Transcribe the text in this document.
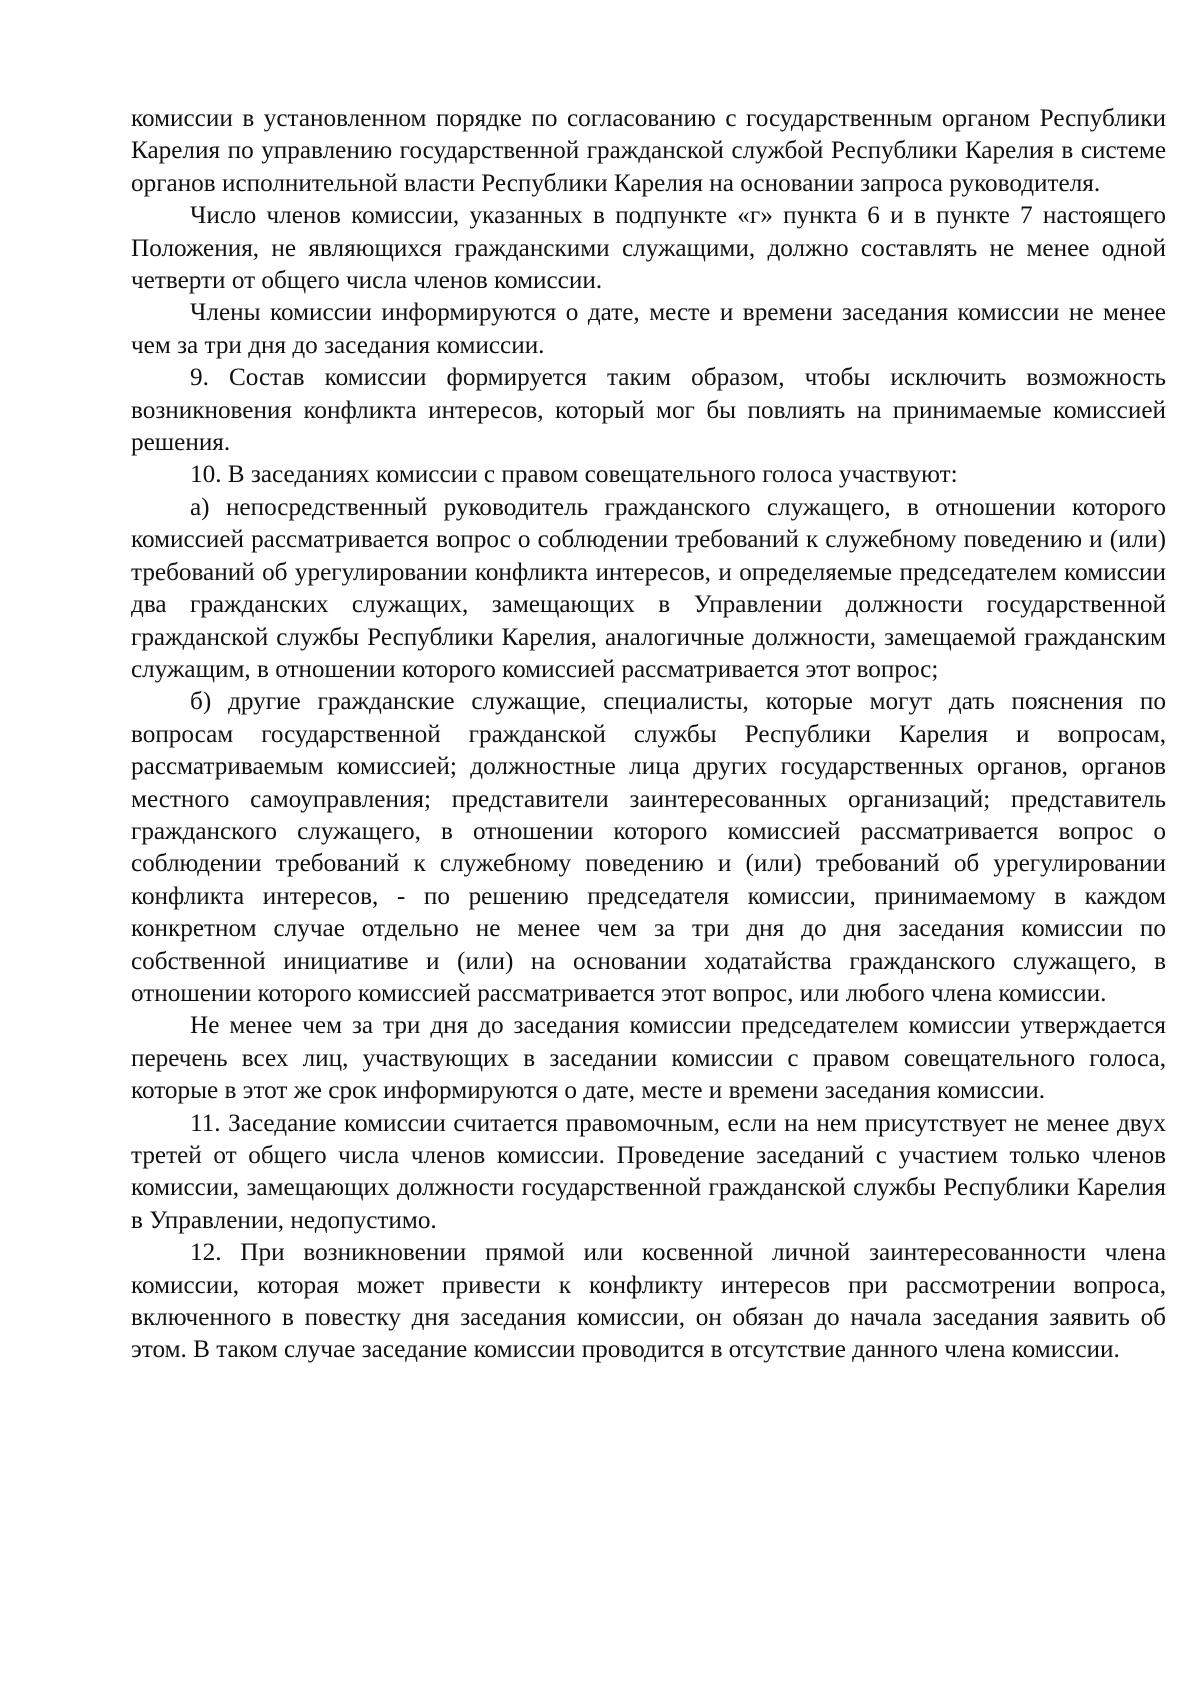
комиссии в установленном порядке по согласованию с государственным органом Республики Карелия по управлению государственной гражданской службой Республики Карелия в системе органов исполнительной власти Республики Карелия на основании запроса руководителя.

Число членов комиссии, указанных в подпункте «г» пункта 6 и в пункте 7 настоящего Положения, не являющихся гражданскими служащими, должно составлять не менее одной четверти от общего числа членов комиссии.

Члены комиссии информируются о дате, месте и времени заседания комиссии не менее чем за три дня до заседания комиссии.

9. Состав комиссии формируется таким образом, чтобы исключить возможность возникновения конфликта интересов, который мог бы повлиять на принимаемые комиссией решения.

10. В заседаниях комиссии с правом совещательного голоса участвуют:

а) непосредственный руководитель гражданского служащего, в отношении которого комиссией рассматривается вопрос о соблюдении требований к служебному поведению и (или) требований об урегулировании конфликта интересов, и определяемые председателем комиссии два гражданских служащих, замещающих в Управлении должности государственной гражданской службы Республики Карелия, аналогичные должности, замещаемой гражданским служащим, в отношении которого комиссией рассматривается этот вопрос;

б) другие гражданские служащие, специалисты, которые могут дать пояснения по вопросам государственной гражданской службы Республики Карелия и вопросам, рассматриваемым комиссией; должностные лица других государственных органов, органов местного самоуправления; представители заинтересованных организаций; представитель гражданского служащего, в отношении которого комиссией рассматривается вопрос о соблюдении требований к служебному поведению и (или) требований об урегулировании конфликта интересов, - по решению председателя комиссии, принимаемому в каждом конкретном случае отдельно не менее чем за три дня до дня заседания комиссии по собственной инициативе и (или) на основании ходатайства гражданского служащего, в отношении которого комиссией рассматривается этот вопрос, или любого члена комиссии.

Не менее чем за три дня до заседания комиссии председателем комиссии утверждается перечень всех лиц, участвующих в заседании комиссии с правом совещательного голоса, которые в этот же срок информируются о дате, месте и времени заседания комиссии.

11. Заседание комиссии считается правомочным, если на нем присутствует не менее двух третей от общего числа членов комиссии. Проведение заседаний с участием только членов комиссии, замещающих должности государственной гражданской службы Республики Карелия в Управлении, недопустимо.

12. При возникновении прямой или косвенной личной заинтересованности члена комиссии, которая может привести к конфликту интересов при рассмотрении вопроса, включенного в повестку дня заседания комиссии, он обязан до начала заседания заявить об этом. В таком случае заседание комиссии проводится в отсутствие данного члена комиссии.
